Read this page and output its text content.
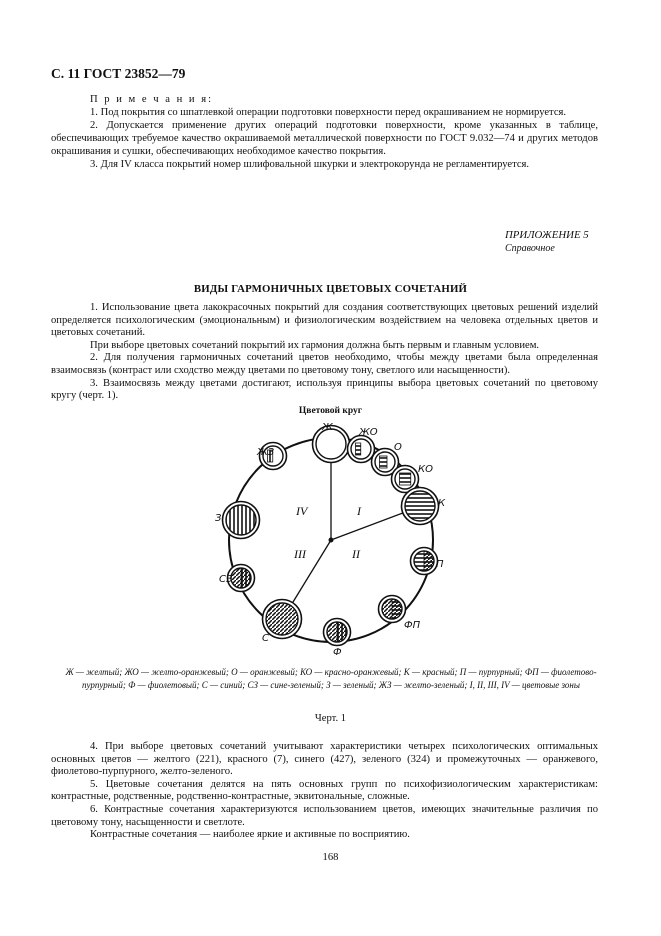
С. 11 ГОСТ 23852—79
П р и м е ч а н и я:

1. Под покрытия со шпатлевкой операции подготовки поверхности перед окрашиванием не нормируется.

2. Допускается применение других операций подготовки поверхности, кроме указанных в таблице, обеспечивающих требуемое качество окрашиваемой металлической поверхности по ГОСТ 9.032—74 и других методов окрашивания и сушки, обеспечивающих необходимое качество покрытия.

3. Для IV класса покрытий номер шлифовальной шкурки и электрокорунда не регламентируется.

ПРИЛОЖЕНИЕ 5
Справочное
ВИДЫ ГАРМОНИЧНЫХ ЦВЕТОВЫХ СОЧЕТАНИЙ

1. Использование цвета лакокрасочных покрытий для создания соответствующих цветовых решений изделий определяется психологическим (эмоциональным) и физиологическим воздействием на человека отдельных цветов и цветовых сочетаний.

При выборе цветовых сочетаний покрытий их гармония должна быть первым и главным условием.

2. Для получения гармоничных сочетаний цветов необходимо, чтобы между цветами была определенная взаимосвязь (контраст или сходство между цветами по цветовому тону, светлого или насыщенности).

3. Взаимосвязь между цветами достигают, используя принципы выбора цветовых сочетаний по цветовому кругу (черт. 1).

Цветовой круг
I
II
III
IV
Ж	ЖО
О
КО
К
П
ФП
Ф
С
СЗ
З
ЖЗ
Ж — желтый; ЖО — желто-оранжевый; О — оранжевый; КО — красно-оранжевый; К — красный; П — пурпурный; ФП — фиолетово-пурпурный; Ф — фиолетовый; С — синий; СЗ — сине-зеленый; З — зеленый; ЖЗ — желто-зеленый; I, II, III, IV — цветовые зоны
Черт. 1

4. При выборе цветовых сочетаний учитывают характеристики четырех психологических оптимальных основных цветов — желтого (221), красного (7), синего (427), зеленого (324) и промежуточных — оранжевого, фиолетово-пурпурного, желто-зеленого.

5. Цветовые сочетания делятся на пять основных групп по психофизиологическим характеристикам: контрастные, родственные, родственно-контрастные, эквитональные, сложные.

6. Контрастные сочетания характеризуются использованием цветов, имеющих значительные различия по цветовому тону, насыщенности и светлоте.

Контрастные сочетания — наиболее яркие и активные по восприятию.

168
